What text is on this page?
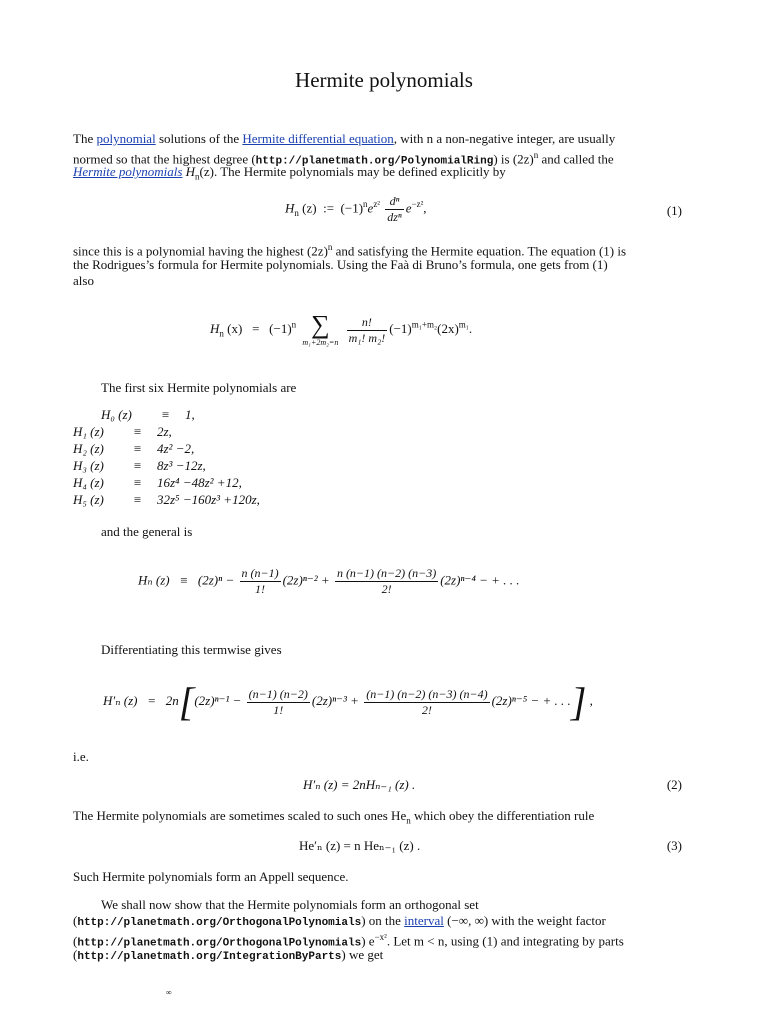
Hermite polynomials
The polynomial solutions of the Hermite differential equation, with n a non-negative integer, are usually
normed so that the highest degree (http://planetmath.org/PolynomialRing) is $(2z)^n$ and called the
Hermite polynomials $H_n(z)$. The Hermite polynomials may be defined explicitly by
$H_n$ (z) := $(-1)^ne^{z^2} \frac{\text{dⁿ}}{\text{dzⁿ}} e^{-z^2}$,	(1)
since this is a polynomial having the highest $(2z)^n$ and satisfying the Hermite equation. The equation (1) is
the Rodrigues’s formula for Hermite polynomials. Using the Faà di Bruno’s formula, one gets from (1)
also
$H_n$ $(x) = (-1)^n$ ∑
m₁+2m₂=n
$\frac{n!}{\text{m₁! m₂!}} (-1)^{m_1+m_2}(2x)^{m_1}$.
The first six Hermite polynomials are
H₀ (z) ≡ 1,
H₁ (z) ≡ 2z,
H₂ (z) ≡ 4z² −2,
H₃ (z) ≡ 8z³ −12z,
H₄ (z) ≡ 16z⁴ −48z² +12,
H₅ (z) ≡ 32z⁵ −160z³ +120z,
and the general is
Hₙ $(z) \equiv (2z)^n - \frac{n (n-1)}{1!} (2z)^{n-2} + \frac{n (n-1) (n-2) (n-3)}{2!} (2z)^{n-4}$ − + . . .
Differentiating this termwise gives
H′ₙ $(z) = 2n[(2z)^{n-1} - \frac{(n-1) (n-2)}{1!} (2z)^{n-3} + \frac{(n-1) (n-2) (n-3) (n-4)}{2!} (2z)^{n-5}$ − + . . .] ,
i.e.
H′ₙ (z) = 2nHₙ₋₁ (z) .	(2)
The Hermite polynomials are sometimes scaled to such ones $He_n$ which obey the differentiation rule
He′ₙ (z) = n Heₙ₋₁ (z) .	(3)
Such Hermite polynomials form an Appell sequence.
We shall now show that the Hermite polynomials form an orthogonal set
(http://planetmath.org/OrthogonalPolynomials) on the interval (−∞, ∞) with the weight factor
(http://planetmath.org/OrthogonalPolynomials) $e^{-x^2}$. Let m < n, using (1) and integrating by parts
(http://planetmath.org/IntegrationByParts) we get
∞
